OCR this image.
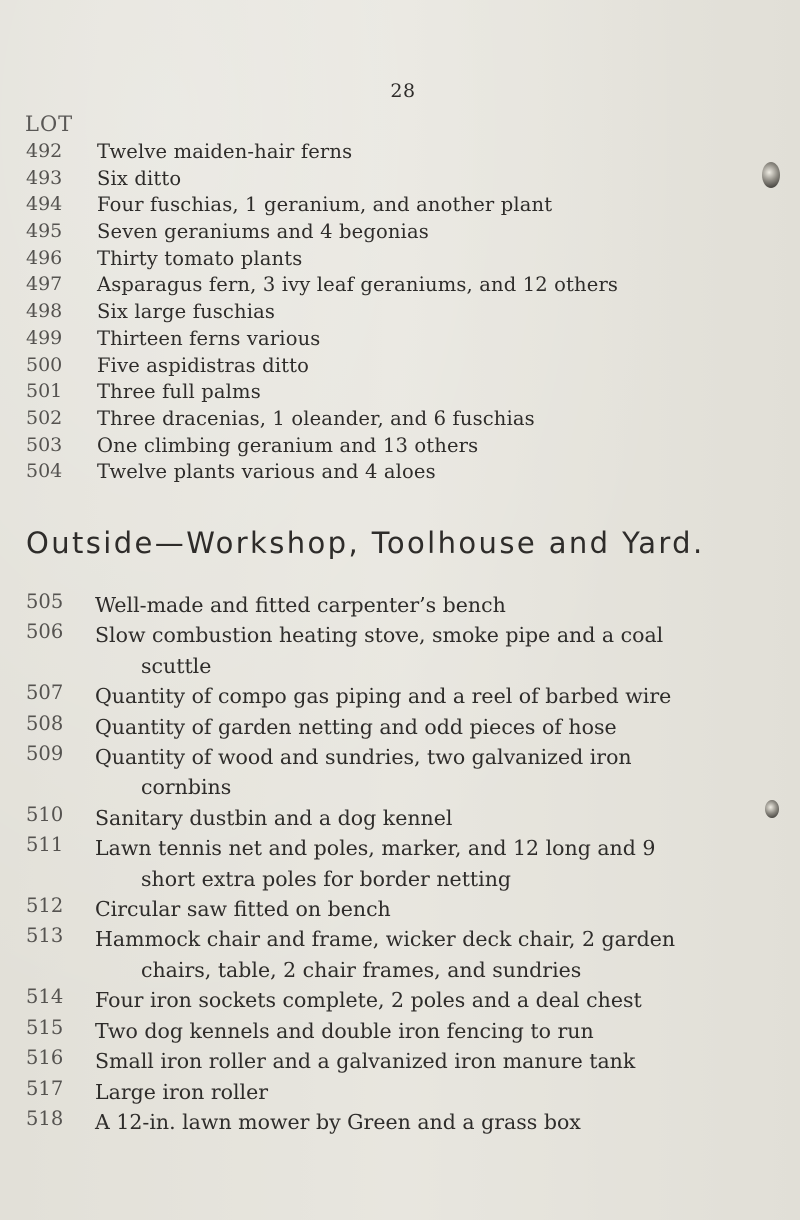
28
LOT
492	Twelve maiden-hair ferns
493	Six ditto
494	Four fuschias, 1 geranium, and another plant
495	Seven geraniums and 4 begonias
496	Thirty tomato plants
497	Asparagus fern, 3 ivy leaf geraniums, and 12 others
498	Six large fuschias
499	Thirteen ferns various
500	Five aspidistras ditto
501	Three full palms
502	Three dracenias, 1 oleander, and 6 fuschias
503	One climbing geranium and 13 others
504	Twelve plants various and 4 aloes
Outside—Workshop, Toolhouse and Yard.
505	Well-made and fitted carpenter’s bench
506	Slow combustion heating stove, smoke pipe and a coal
scuttle
507	Quantity of compo gas piping and a reel of barbed wire
508	Quantity of garden netting and odd pieces of hose
509	Quantity of wood and sundries, two galvanized iron
cornbins
510	Sanitary dustbin and a dog kennel
511	Lawn tennis net and poles, marker, and 12 long and 9
short extra poles for border netting
512	Circular saw fitted on bench
513	Hammock chair and frame, wicker deck chair, 2 garden
chairs, table, 2 chair frames, and sundries
514	Four iron sockets complete, 2 poles and a deal chest
515	Two dog kennels and double iron fencing to run
516	Small iron roller and a galvanized iron manure tank
517	Large iron roller
518	A 12-in. lawn mower by Green and a grass box
